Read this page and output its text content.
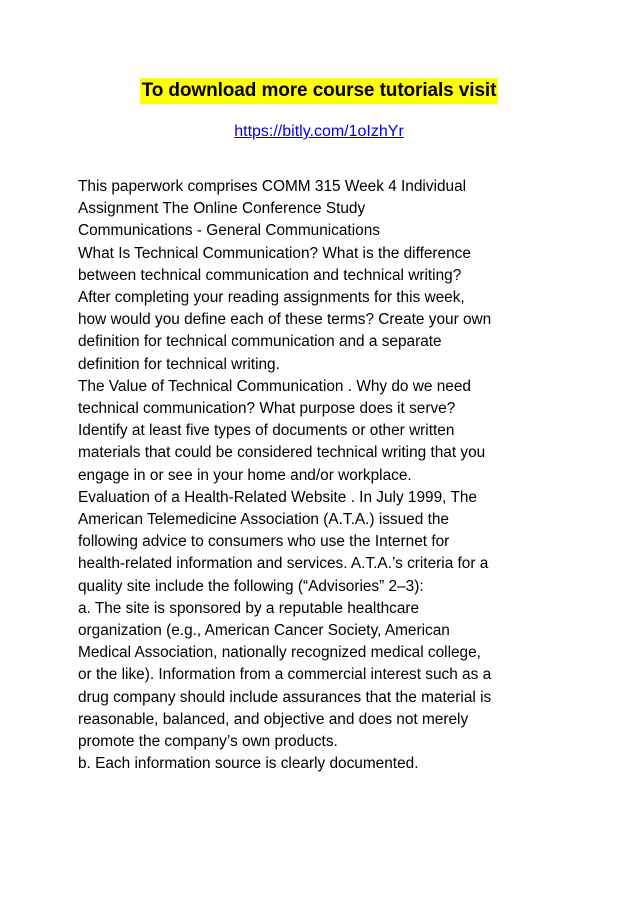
To download more course tutorials visit
https://bitly.com/1oIzhYr
This paperwork comprises COMM 315 Week 4 Individual
Assignment The Online Conference Study
Communications - General Communications
What Is Technical Communication? What is the difference
between technical communication and technical writing?
After completing your reading assignments for this week,
how would you define each of these terms? Create your own
definition for technical communication and a separate
definition for technical writing.
The Value of Technical Communication . Why do we need
technical communication? What purpose does it serve?
Identify at least five types of documents or other written
materials that could be considered technical writing that you
engage in or see in your home and/or workplace.
Evaluation of a Health-Related Website . In July 1999, The
American Telemedicine Association (A.T.A.) issued the
following advice to consumers who use the Internet for
health-related information and services. A.T.A.’s criteria for a
quality site include the following (“Advisories” 2–3):
a. The site is sponsored by a reputable healthcare
organization (e.g., American Cancer Society, American
Medical Association, nationally recognized medical college,
or the like). Information from a commercial interest such as a
drug company should include assurances that the material is
reasonable, balanced, and objective and does not merely
promote the company’s own products.
b. Each information source is clearly documented.
